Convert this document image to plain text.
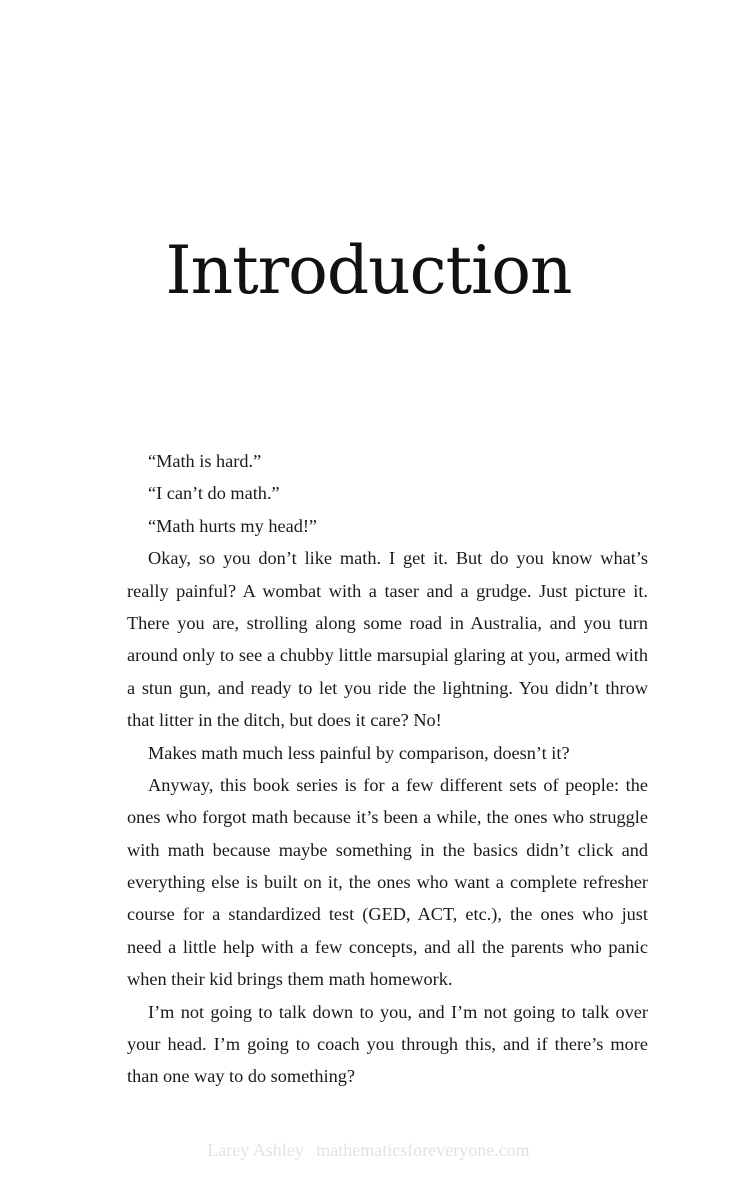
Introduction
“Math is hard.”
“I can’t do math.”
“Math hurts my head!”
Okay, so you don’t like math. I get it. But do you know what’s
really painful? A wombat with a taser and a grudge. Just picture it.
There you are, strolling along some road in Australia, and you turn
around only to see a chubby little marsupial glaring at you, armed with
a stun gun, and ready to let you ride the lightning. You didn’t throw
that litter in the ditch, but does it care? No!
Makes math much less painful by comparison, doesn’t it?
Anyway, this book series is for a few different sets of people: the
ones who forgot math because it’s been a while, the ones who struggle
with math because maybe something in the basics didn’t click and
everything else is built on it, the ones who want a complete refresher
course for a standardized test (GED, ACT, etc.), the ones who just
need a little help with a few concepts, and all the parents who panic
when their kid brings them math homework.
I’m not going to talk down to you, and I’m not going to talk over
your head. I’m going to coach you through this, and if there’s more
than one way to do something?
Larey Ashley mathematicsforeveryone.com
